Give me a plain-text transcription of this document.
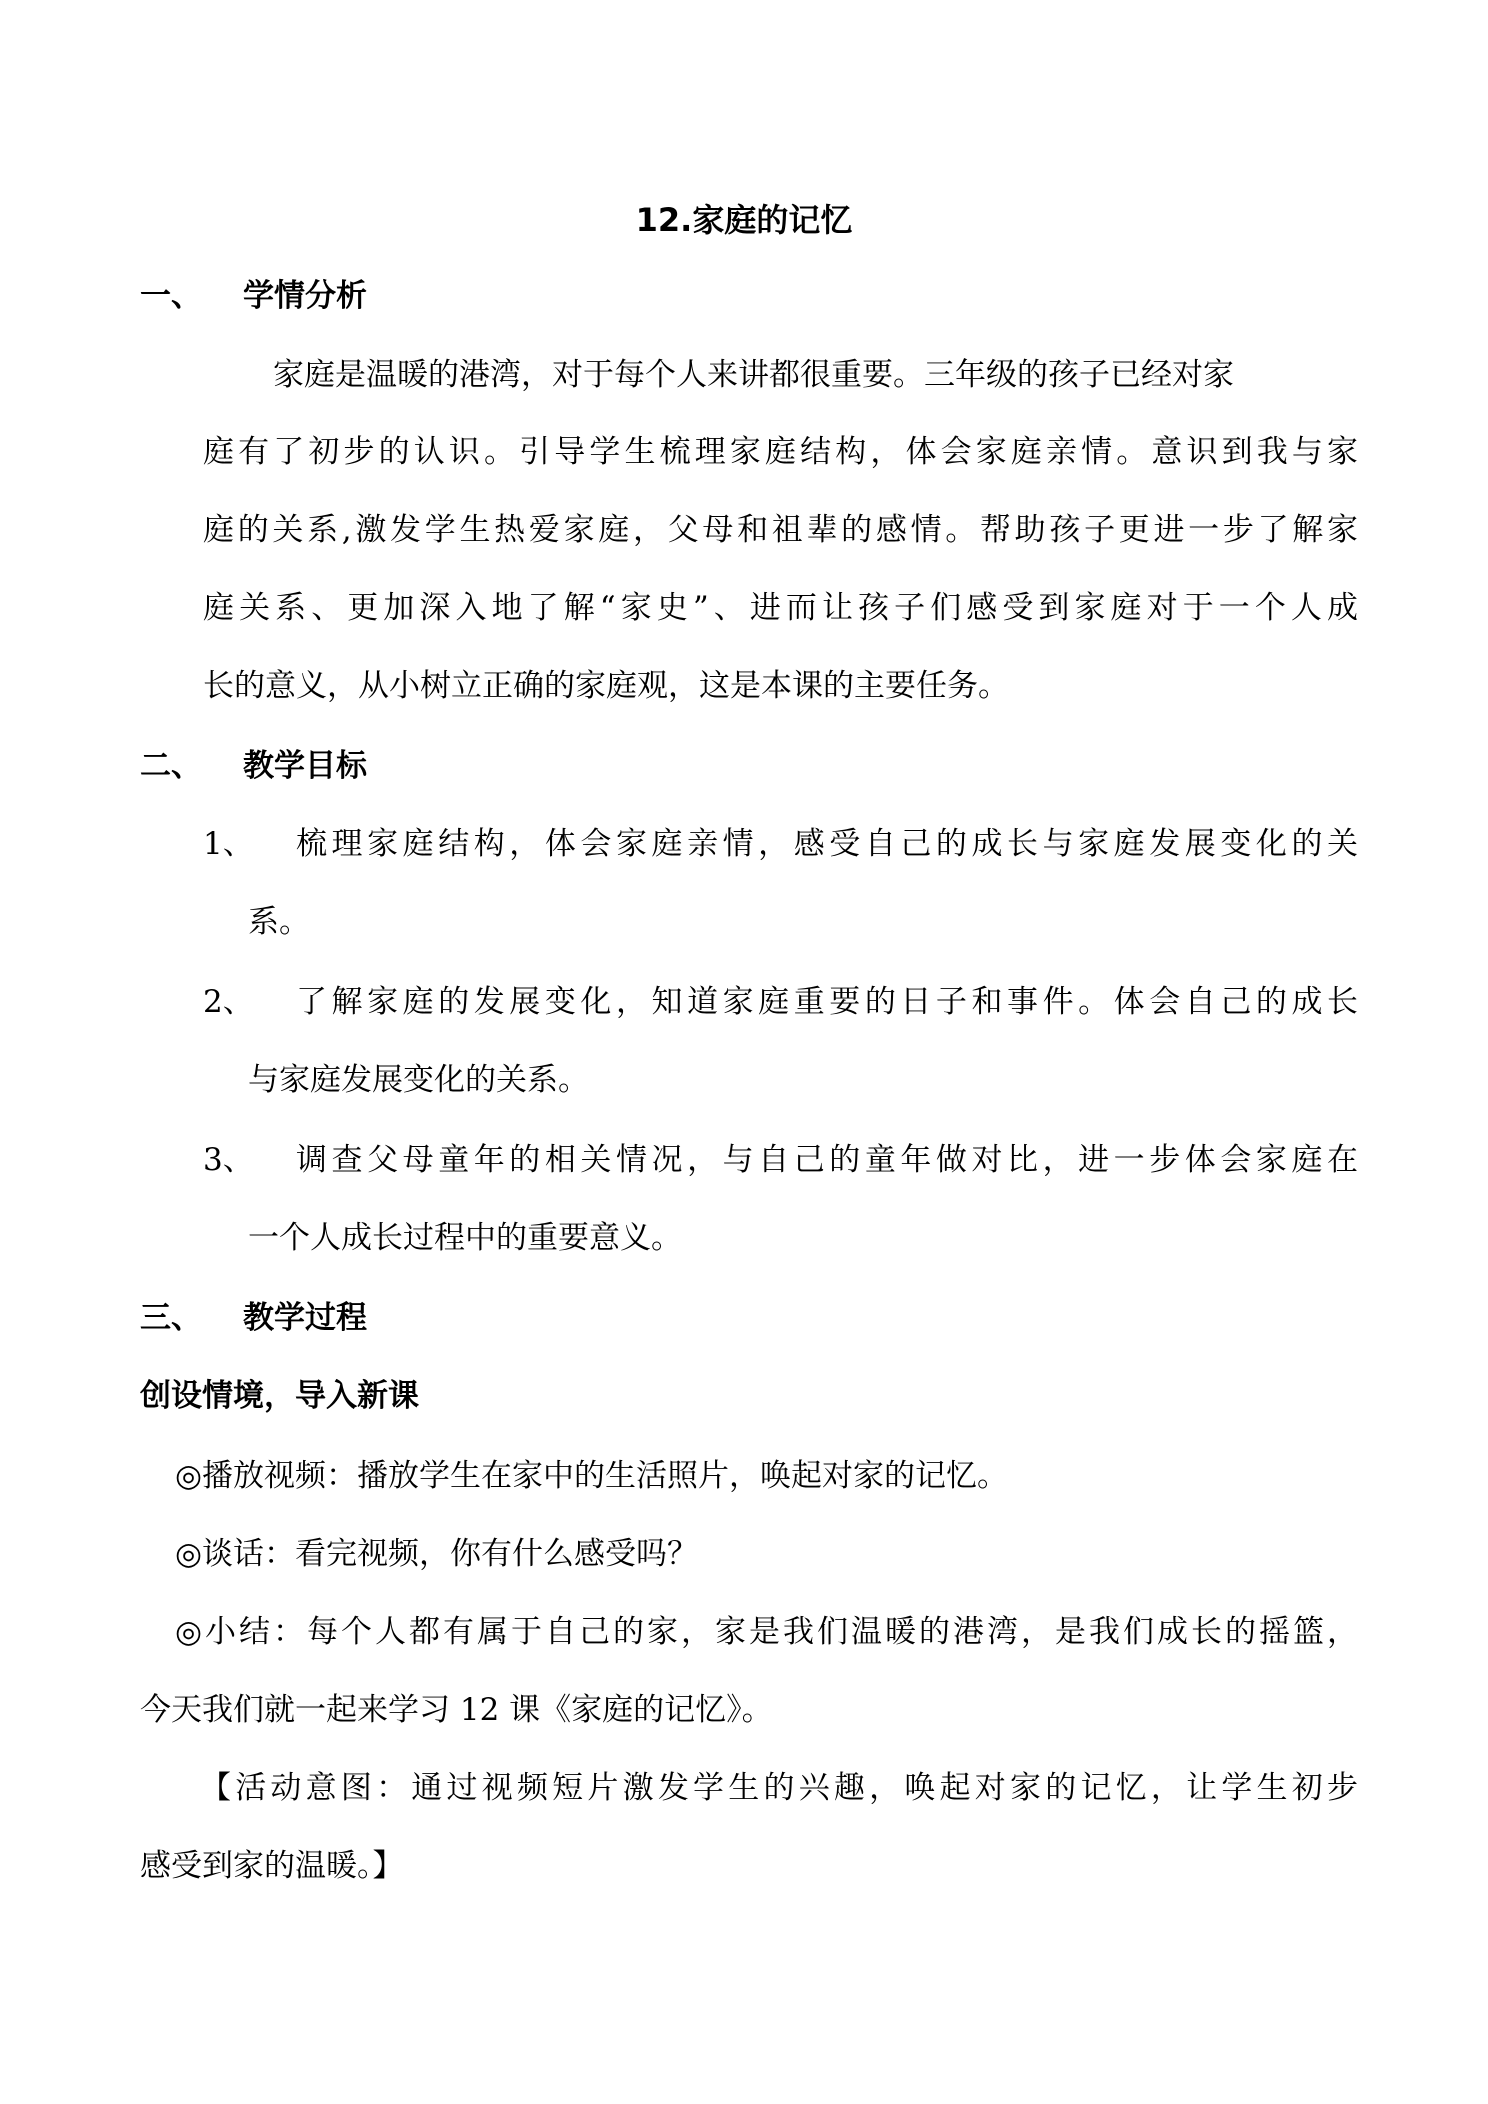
12.家庭的记忆

一、 学情分析

家庭是温暖的港湾，对于每个人来讲都很重要。三年级的孩子已经对家

庭有了初步的认识。引导学生梳理家庭结构，体会家庭亲情。意识到我与家

庭的关系,激发学生热爱家庭，父母和祖辈的感情。帮助孩子更进一步了解家

庭关系、更加深入地了解“家史”、进而让孩子们感受到家庭对于一个人成

长的意义，从小树立正确的家庭观，这是本课的主要任务。

二、 教学目标

1、 梳理家庭结构，体会家庭亲情，感受自己的成长与家庭发展变化的关

系。

2、 了解家庭的发展变化，知道家庭重要的日子和事件。体会自己的成长

与家庭发展变化的关系。

3、 调查父母童年的相关情况，与自己的童年做对比，进一步体会家庭在

一个人成长过程中的重要意义。

三、 教学过程

创设情境，导入新课

◎播放视频：播放学生在家中的生活照片，唤起对家的记忆。

◎谈话：看完视频，你有什么感受吗？

◎小结：每个人都有属于自己的家，家是我们温暖的港湾，是我们成长的摇篮，

今天我们就一起来学习 12 课《家庭的记忆》。

【活动意图：通过视频短片激发学生的兴趣，唤起对家的记忆，让学生初步

感受到家的温暖。】
